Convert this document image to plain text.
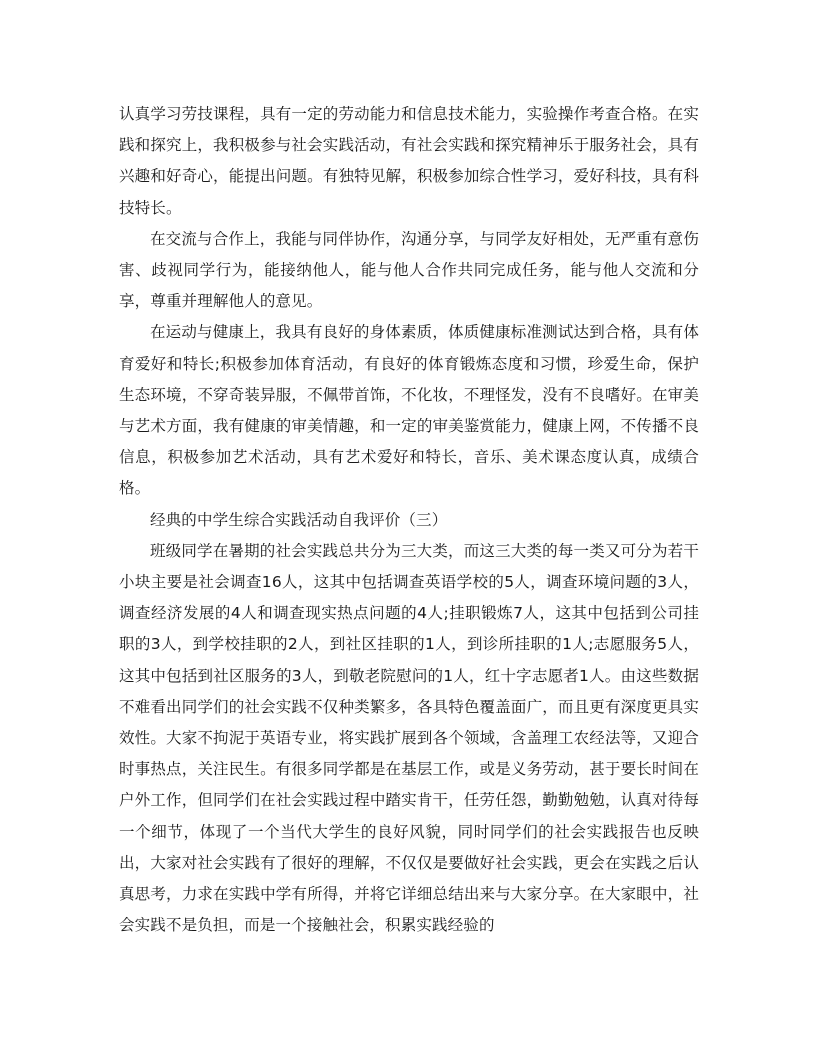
认真学习劳技课程，具有一定的劳动能力和信息技术能力，实验操作考查合格。在实践和探究上，我积极参与社会实践活动，有社会实践和探究精神乐于服务社会，具有兴趣和好奇心，能提出问题。有独特见解，积极参加综合性学习，爱好科技，具有科技特长。

在交流与合作上，我能与同伴协作，沟通分享，与同学友好相处，无严重有意伤害、歧视同学行为，能接纳他人，能与他人合作共同完成任务，能与他人交流和分享，尊重并理解他人的意见。

在运动与健康上，我具有良好的身体素质，体质健康标准测试达到合格，具有体育爱好和特长;积极参加体育活动，有良好的体育锻炼态度和习惯，珍爱生命，保护生态环境，不穿奇装异服，不佩带首饰，不化妆，不理怪发，没有不良嗜好。在审美与艺术方面，我有健康的审美情趣，和一定的审美鉴赏能力，健康上网，不传播不良信息，积极参加艺术活动，具有艺术爱好和特长，音乐、美术课态度认真，成绩合格。

经典的中学生综合实践活动自我评价（三）

班级同学在暑期的社会实践总共分为三大类，而这三大类的每一类又可分为若干小块主要是社会调查16人，这其中包括调查英语学校的5人，调查环境问题的3人，调查经济发展的4人和调查现实热点问题的4人;挂职锻炼7人，这其中包括到公司挂职的3人，到学校挂职的2人，到社区挂职的1人，到诊所挂职的1人;志愿服务5人，这其中包括到社区服务的3人，到敬老院慰问的1人，红十字志愿者1人。由这些数据不难看出同学们的社会实践不仅种类繁多，各具特色覆盖面广，而且更有深度更具实效性。大家不拘泥于英语专业，将实践扩展到各个领域，含盖理工农经法等，又迎合时事热点，关注民生。有很多同学都是在基层工作，或是义务劳动，甚于要长时间在户外工作，但同学们在社会实践过程中踏实肯干，任劳任怨，勤勤勉勉，认真对待每一个细节，体现了一个当代大学生的良好风貌，同时同学们的社会实践报告也反映出，大家对社会实践有了很好的理解，不仅仅是要做好社会实践，更会在实践之后认真思考，力求在实践中学有所得，并将它详细总结出来与大家分享。在大家眼中，社会实践不是负担，而是一个接触社会，积累实践经验的
